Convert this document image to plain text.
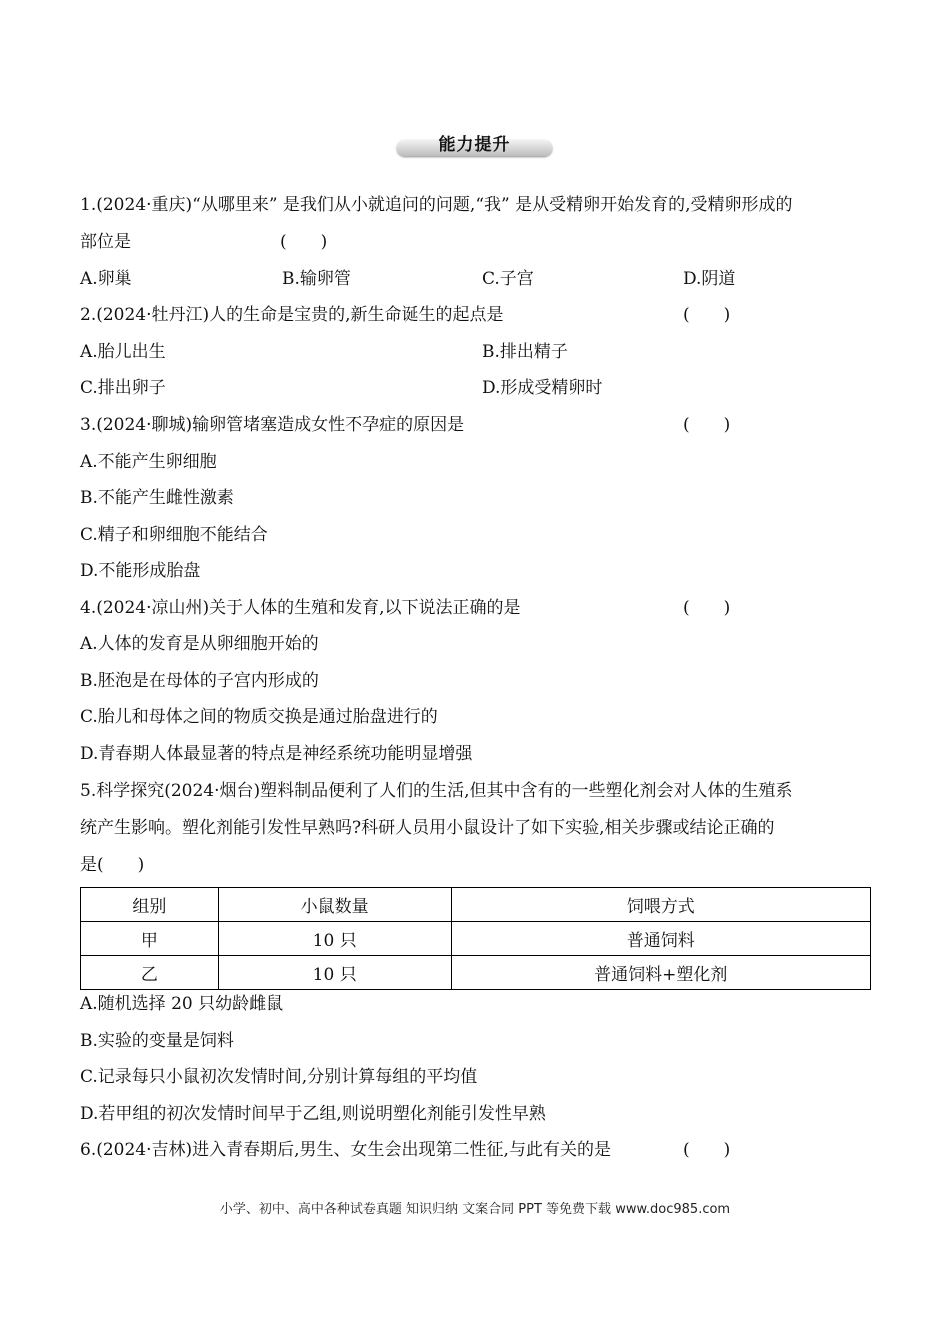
能力提升
1.(2024·重庆)“从哪里来” 是我们从小就追问的问题,“我” 是从受精卵开始发育的,受精卵形成的
部位是	(　　)
A.卵巢	B.输卵管	C.子宫	D.阴道
2.(2024·牡丹江)人的生命是宝贵的,新生命诞生的起点是	(　　)
A.胎儿出生	B.排出精子
C.排出卵子	D.形成受精卵时
3.(2024·聊城)输卵管堵塞造成女性不孕症的原因是	(　　)
A.不能产生卵细胞
B.不能产生雌性激素
C.精子和卵细胞不能结合
D.不能形成胎盘
4.(2024·凉山州)关于人体的生殖和发育,以下说法正确的是	(　　)
A.人体的发育是从卵细胞开始的
B.胚泡是在母体的子宫内形成的
C.胎儿和母体之间的物质交换是通过胎盘进行的
D.青春期人体最显著的特点是神经系统功能明显增强
5.科学探究(2024·烟台)塑料制品便利了人们的生活,但其中含有的一些塑化剂会对人体的生殖系
统产生影响。塑化剂能引发性早熟吗?科研人员用小鼠设计了如下实验,相关步骤或结论正确的
是(　　)
组别	小鼠数量	饲喂方式
甲	10 只	普通饲料
乙	10 只	普通饲料+塑化剂
A.随机选择 20 只幼龄雌鼠
B.实验的变量是饲料
C.记录每只小鼠初次发情时间,分别计算每组的平均值
D.若甲组的初次发情时间早于乙组,则说明塑化剂能引发性早熟
6.(2024·吉林)进入青春期后,男生、女生会出现第二性征,与此有关的是	(　　)
小学、初中、高中各种试卷真题 知识归纳 文案合同 PPT 等免费下载 www.doc985.com
